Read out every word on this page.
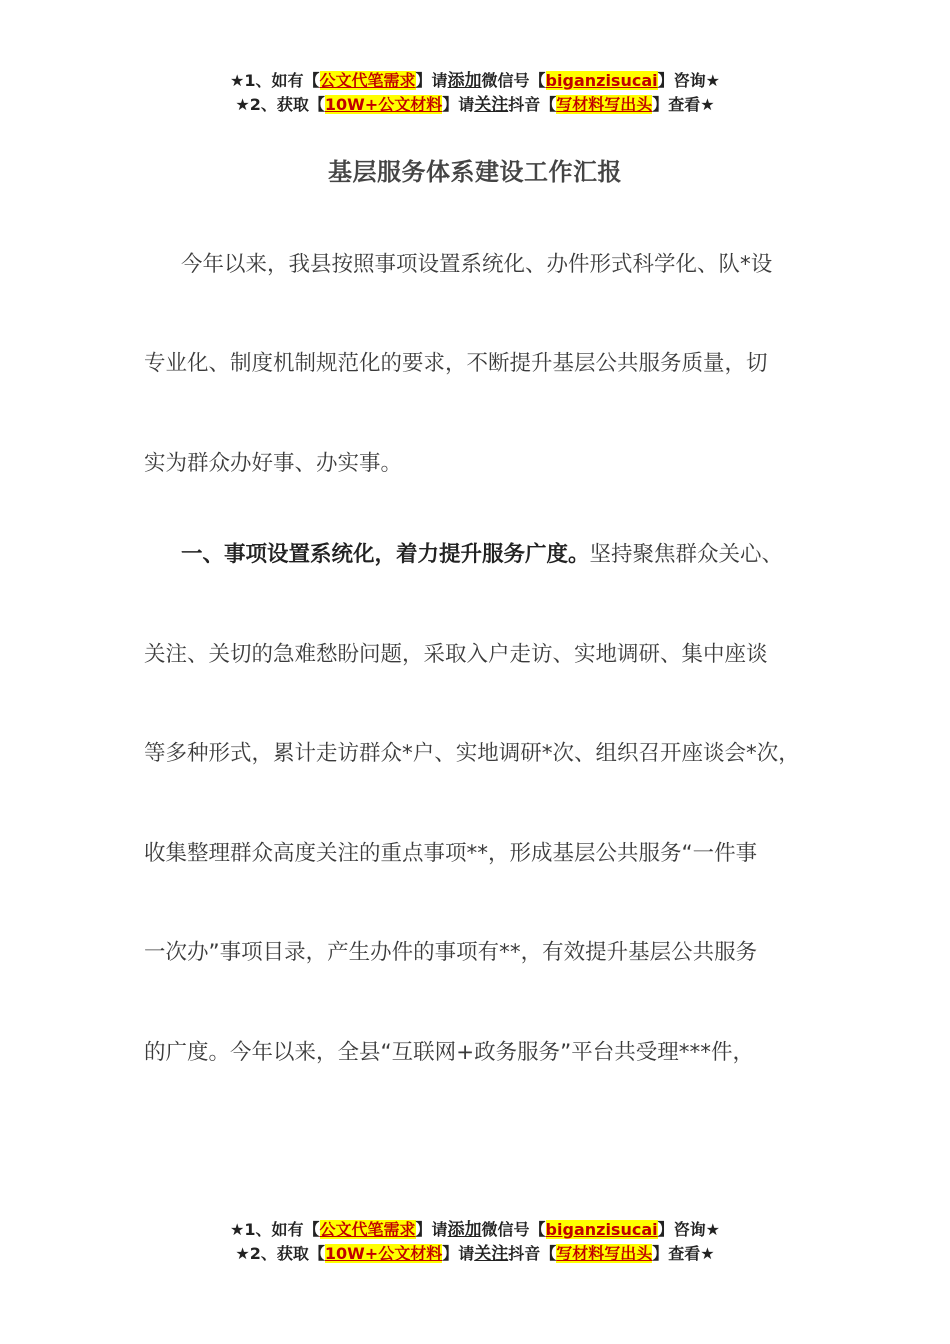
★1、如有【公文代笔需求】请添加微信号【biganzisucai】咨询★
★2、获取【10W+公文材料】请关注抖音【写材料写出头】查看★
基层服务体系建设工作汇报
今年以来，我县按照事项设置系统化、办件形式科学化、队*设
专业化、制度机制规范化的要求，不断提升基层公共服务质量，切
实为群众办好事、办实事。
一、事项设置系统化，着力提升服务广度。坚持聚焦群众关心、
关注、关切的急难愁盼问题，采取入户走访、实地调研、集中座谈
等多种形式，累计走访群众*户、实地调研*次、组织召开座谈会*次，
收集整理群众高度关注的重点事项**，形成基层公共服务“一件事
一次办”事项目录，产生办件的事项有**，有效提升基层公共服务
的广度。今年以来，全县“互联网+政务服务”平台共受理***件，
★1、如有【公文代笔需求】请添加微信号【biganzisucai】咨询★
★2、获取【10W+公文材料】请关注抖音【写材料写出头】查看★
